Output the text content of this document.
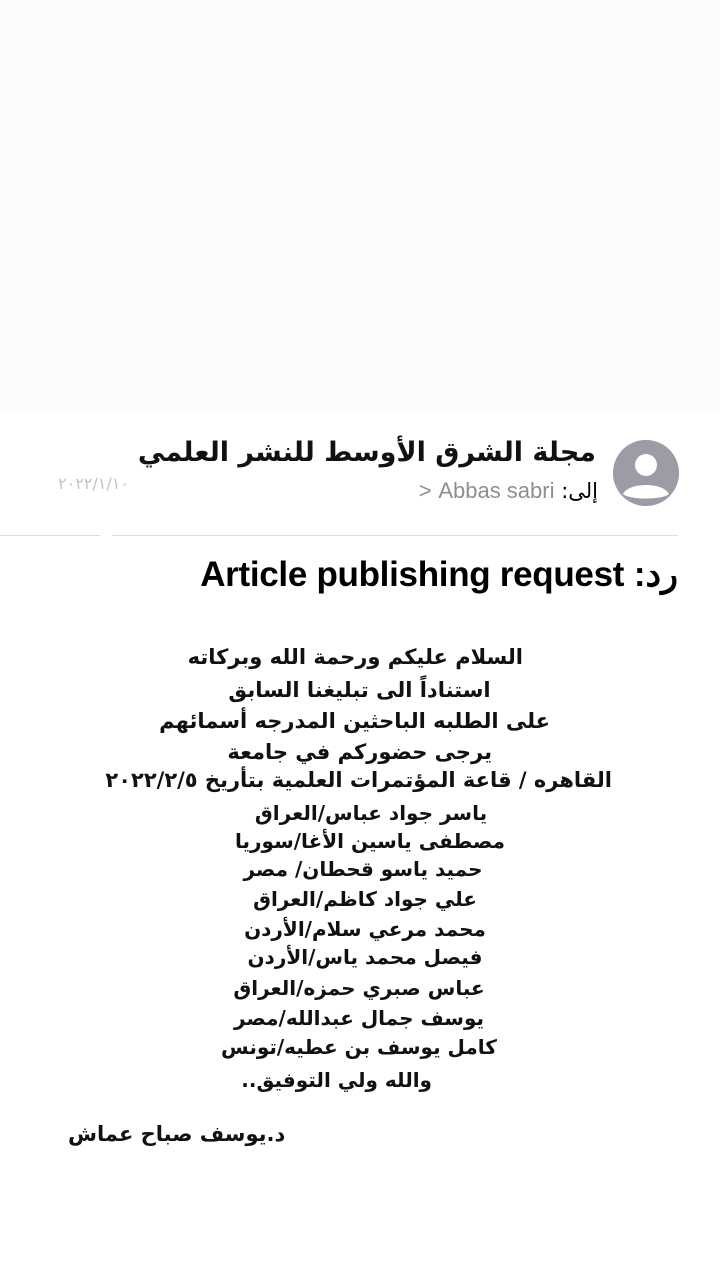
مجلة الشرق الأوسط للنشر العلمي
إلى: Abbas sabri <
٢٠٢٢/١/١٠
رد: Article publishing request
السلام عليكم ورحمة الله وبركاته
استناداً الى تبليغنا السابق
على الطلبه الباحثين المدرجه أسمائهم
يرجى حضوركم في جامعة
القاهره / قاعة المؤتمرات العلمية بتأريخ ٢٠٢٢/٢/٥
ياسر جواد عباس/العراق
مصطفى ياسين الأغا/سوريا
حميد ياسو قحطان/ مصر
علي جواد كاظم/العراق
محمد مرعي سلام/الأردن
فيصل محمد ياس/الأردن
عباس صبري حمزه/العراق
يوسف جمال عبدالله/مصر
كامل يوسف بن عطيه/تونس
والله ولي التوفيق..
د.يوسف صباح عماش
